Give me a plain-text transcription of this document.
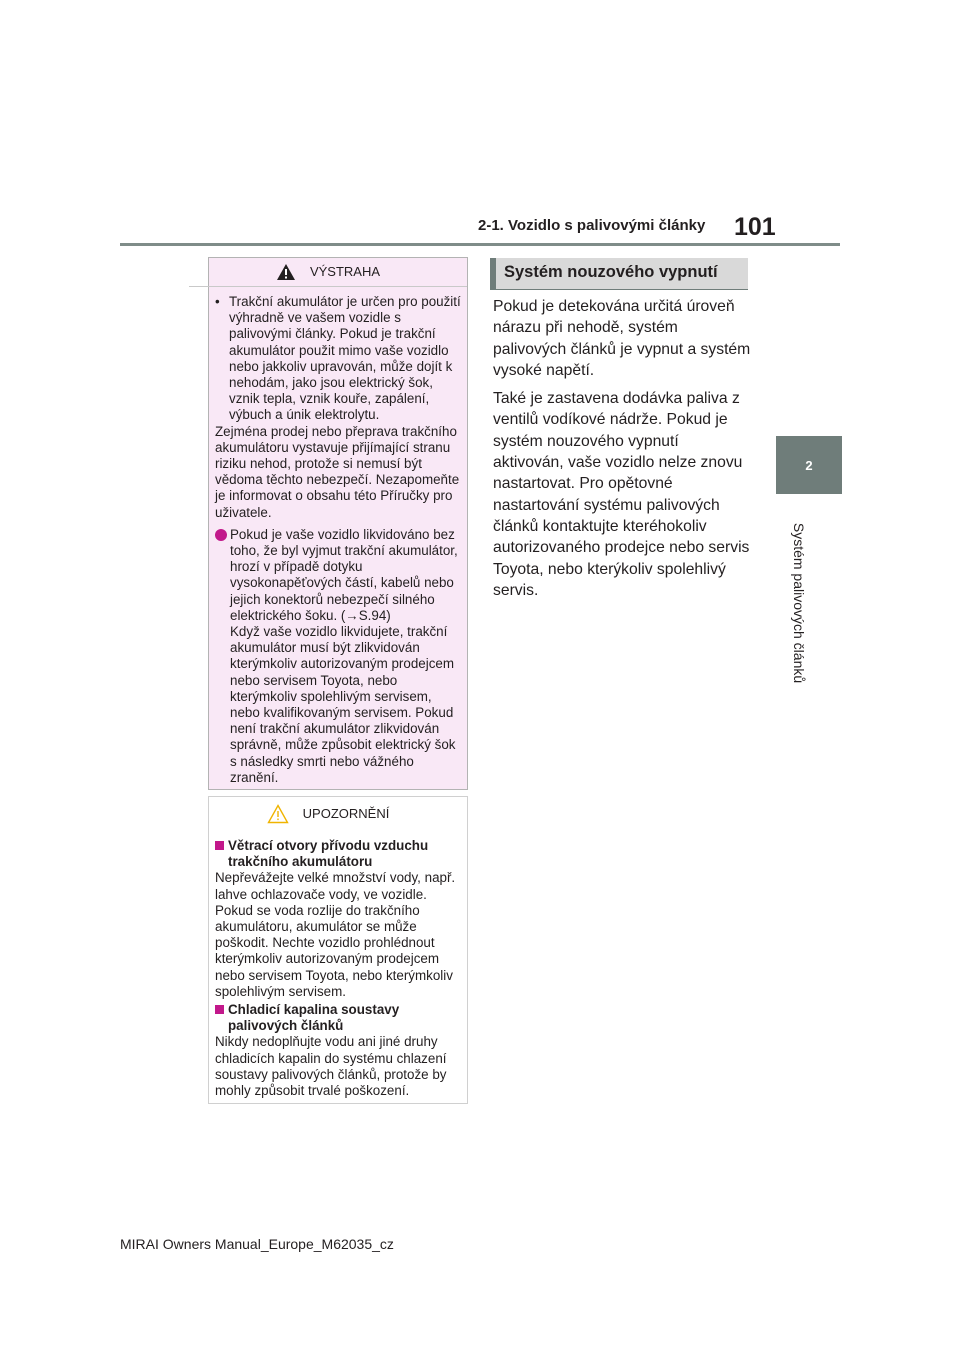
2-1. Vozidlo s palivovými články 101
2
Systém palivových článků
VÝSTRAHA
• Trakční akumulátor je určen pro použití výhradně ve vašem vozidle s palivovými články. Pokud je trakční akumulátor použit mimo vaše vozidlo nebo jakkoliv upravován, může dojít k nehodám, jako jsou elektrický šok, vznik tepla, vznik kouře, zapálení, výbuch a únik elektrolytu.

Zejména prodej nebo přeprava trakčního akumulátoru vystavuje přijímající stranu riziku nehod, protože si nemusí být vědoma těchto nebezpečí. Nezapomeňte je informovat o obsahu této Příručky pro uživatele.

Pokud je vaše vozidlo likvidováno bez toho, že byl vyjmut trakční akumulátor, hrozí v případě dotyku vysokonapěťových částí, kabelů nebo jejich konektorů nebezpečí silného elektrického šoku. (→S.94)
Když vaše vozidlo likvidujete, trakční akumulátor musí být zlikvidován kterýmkoliv autorizovaným prodejcem nebo servisem Toyota, nebo kterýmkoliv spolehlivým servisem, nebo kvalifikovaným servisem. Pokud není trakční akumulátor zlikvidován správně, může způsobit elektrický šok s následky smrti nebo vážného zranění.
UPOZORNĚNÍ
Větrací otvory přívodu vzduchu trakčního akumulátoru

Nepřevážejte velké množství vody, např. lahve ochlazovače vody, ve vozidle. Pokud se voda rozlije do trakčního akumulátoru, akumulátor se může poškodit. Nechte vozidlo prohlédnout kterýmkoliv autorizovaným prodejcem nebo servisem Toyota, nebo kterýmkoliv spolehlivým servisem.

Chladicí kapalina soustavy palivových článků

Nikdy nedoplňujte vodu ani jiné druhy chladicích kapalin do systému chlazení soustavy palivových článků, protože by mohly způsobit trvalé poškození.

Systém nouzového vypnutí

Pokud je detekována určitá úroveň nárazu při nehodě, systém palivových článků je vypnut a systém vysoké napětí.

Také je zastavena dodávka paliva z ventilů vodíkové nádrže. Pokud je systém nouzového vypnutí aktivován, vaše vozidlo nelze znovu nastartovat. Pro opětovné nastartování systému palivových článků kontaktujte kteréhokoliv autorizovaného prodejce nebo servis Toyota, nebo kterýkoliv spolehlivý servis.

MIRAI Owners Manual_Europe_M62035_cz
